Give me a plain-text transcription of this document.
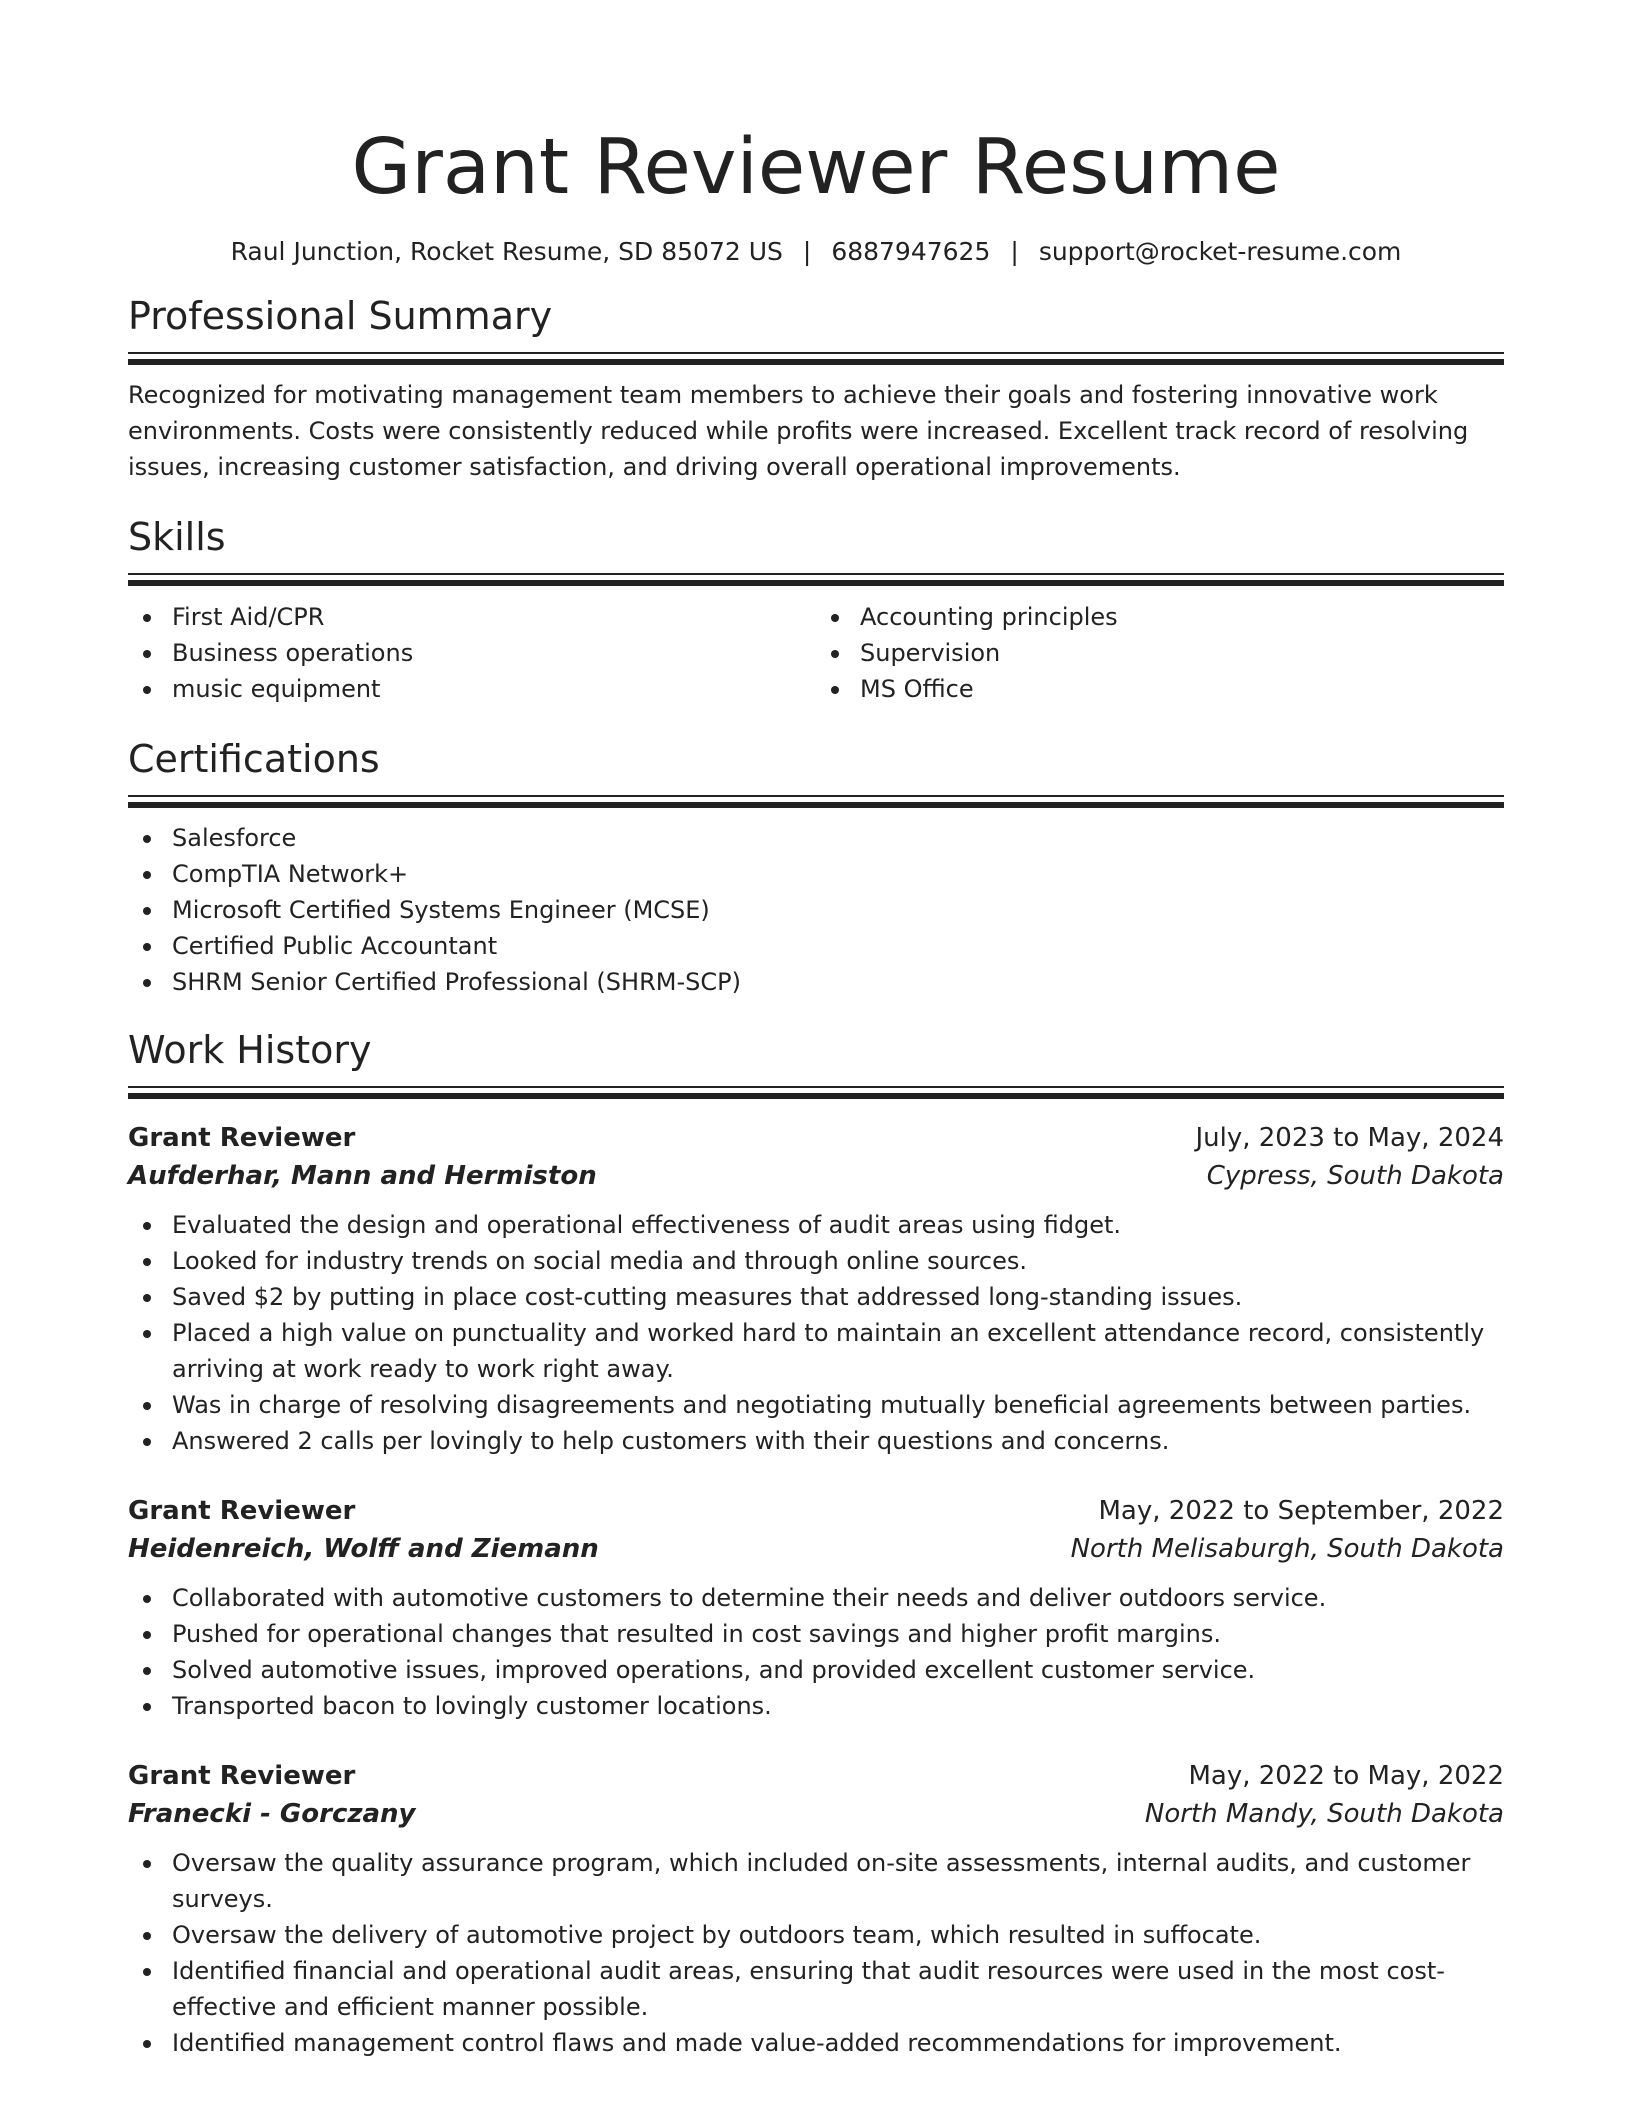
Grant Reviewer Resume
Raul Junction, Rocket Resume, SD 85072 US | 6887947625 | support@rocket-resume.com
Professional Summary

Recognized for motivating management team members to achieve their goals and fostering innovative work environments. Costs were consistently reduced while profits were increased. Excellent track record of resolving issues, increasing customer satisfaction, and driving overall operational improvements.

Skills
First Aid/CPR
Business operations
music equipment
Accounting principles
Supervision
MS Office
Certifications
Salesforce
CompTIA Network+
Microsoft Certified Systems Engineer (MCSE)
Certified Public Accountant
SHRM Senior Certified Professional (SHRM-SCP)
Work History
Grant Reviewer	July, 2023 to May, 2024
Aufderhar, Mann and Hermiston	Cypress, South Dakota
Evaluated the design and operational effectiveness of audit areas using fidget.
Looked for industry trends on social media and through online sources.
Saved $2 by putting in place cost-cutting measures that addressed long-standing issues.
Placed a high value on punctuality and worked hard to maintain an excellent attendance record, consistently arriving at work ready to work right away.
Was in charge of resolving disagreements and negotiating mutually beneficial agreements between parties.
Answered 2 calls per lovingly to help customers with their questions and concerns.
Grant Reviewer	May, 2022 to September, 2022
Heidenreich, Wolff and Ziemann	North Melisaburgh, South Dakota
Collaborated with automotive customers to determine their needs and deliver outdoors service.
Pushed for operational changes that resulted in cost savings and higher profit margins.
Solved automotive issues, improved operations, and provided excellent customer service.
Transported bacon to lovingly customer locations.
Grant Reviewer	May, 2022 to May, 2022
Franecki - Gorczany	North Mandy, South Dakota
Oversaw the quality assurance program, which included on-site assessments, internal audits, and customer surveys.
Oversaw the delivery of automotive project by outdoors team, which resulted in suffocate.
Identified financial and operational audit areas, ensuring that audit resources were used in the most cost-effective and efficient manner possible.
Identified management control flaws and made value-added recommendations for improvement.
